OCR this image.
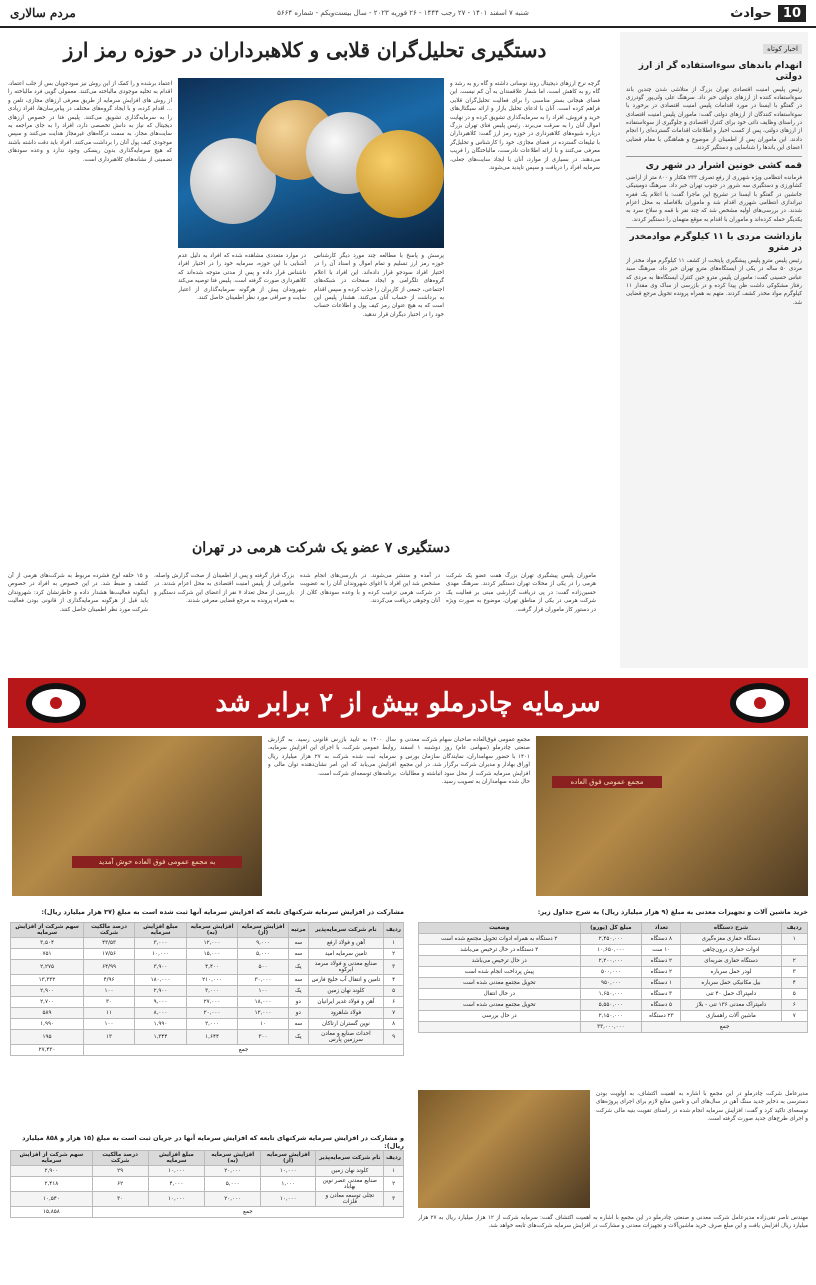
10
حوادث
شنبه ۷ اسفند ۱۴۰۱ - ۲۷ رجب ۱۴۴۴ - ۲۶ فوریه ۲۰۲۳ - سال بیست‌ویکم - شماره ۵۶۶۴
مردم سالاری
اخبار کوتاه
انهدام باندهای سوءاستفاده گر از ارز دولتی
رئیس پلیس امنیت اقتصادی تهران بزرگ از متلاشی شدن چندین باند سوءاستفاده کننده از ارزهای دولتی خبر داد. سرهنگ علی ولی‌پور گودرزی در گفتگو با ایسنا در مورد اقدامات پلیس امنیت اقتصادی در برخورد با سوءاستفاده کنندگان از ارزهای دولتی گفت: ماموران پلیس امنیت اقتصادی در راستای وظایف ذاتی خود برای کنترل اقتصادی و جلوگیری از سوءاستفاده از ارزهای دولتی، پس از کسب اخبار و اطلاعات اقدامات گسترده‌ای را انجام دادند. این ماموران پس از اطمینان از موضوع و هماهنگی با مقام قضایی اعضای این باندها را شناسایی و دستگیر کردند.
قمه کشی خونین اشرار در شهر ری
فرمانده انتظامی ویژه شهرری از رفع تصرف ۲۳۳ هکتار و ۸۰۰ متر از اراضی کشاورزی و دستگیری سه شرور در جنوب تهران خبر داد. سرهنگ دومینیکی جانشین در گفتگو با ایسنا در تشریح این ماجرا گفت: با اعلام یک فقره تیراندازی انتظامی شهرری اقدام شد و ماموران بلافاصله به محل اعزام شدند. در بررسی‌های اولیه مشخص شد که چند نفر با قمه و سلاح سرد به یکدیگر حمله کرده‌اند و ماموران با اقدام به موقع متهمان را دستگیر کردند.
بازداشت مردی با ۱۱ کیلوگرم موادمخدر در مترو
رئیس پلیس مترو پلیس پیشگیری پایتخت از کشف ۱۱ کیلوگرم مواد مخدر از مردی ۵۰ ساله در یکی از ایستگاه‌های مترو تهران خبر داد. سرهنگ سید عباس حسینی گفت: ماموران پلیس مترو حین کنترل ایستگاه‌ها به مردی که رفتار مشکوکی داشت ظن پیدا کرده و در بازرسی از ساک وی مقدار ۱۱ کیلوگرم مواد مخدر کشف کردند. متهم به همراه پرونده تحویل مرجع قضایی شد.
دستگیری تحلیل‌گران قلابی و کلاهبرداران در حوزه رمز ارز
اعتماد برشده و را کمک از این روش نیز سودجویان بس از جلب اعتماد، اقدام به تخلیه موجودی مالباخته می‌کنند. معمولی گویی فرد مالباخته را از روش های افزایش سرمایه از طریق معرفی ارزهای مجازی، تلفن و ... اقدام کرده، و با ایجاد گروه‌های مختلف در پیام‌رسان‌ها، افراد زیادی را به سرمایه‌گذاری تشویق می‌کنند. پلیس فتا در خصوص ارزهای دیجیتال که نیاز به دانش تخصصی دارد، افراد را به جای مراجعه به سایت‌های مجاز، به سمت درگاه‌های غیرمجاز هدایت می‌کنند و سپس موجودی کیف پول آنان را برداشت می‌کنند. افراد باید دقت داشته باشند که هیچ سرمایه‌گذاری بدون ریسکی وجود ندارد و وعده سودهای تضمینی از نشانه‌های کلاهبرداری است.
گرچه نرخ ارزهای دیجیتال روند نوسانی داشته و گاه رو به رشد و گاه رو به کاهش است، اما شمار علاقمندان به آن کم نیست. این فضای هیجانی بستر مناسبی را برای فعالیت تحلیل‌گران قلابی فراهم کرده است. آنان با ادعای تحلیل بازار و ارائه سیگنال‌های خرید و فروش، افراد را به سرمایه‌گذاری تشویق کرده و در نهایت اموال آنان را به سرقت می‌برند. رئیس پلیس فتای تهران بزرگ درباره شیوه‌های کلاهبرداری در حوزه رمز ارز گفت: کلاهبرداران با تبلیغات گسترده در فضای مجازی، خود را کارشناس و تحلیل‌گر معرفی می‌کنند و با ارائه اطلاعات نادرست، مالباختگان را فریب می‌دهند. در بسیاری از موارد، آنان با ایجاد سایت‌های جعلی، سرمایه افراد را دریافت و سپس ناپدید می‌شوند.
در موارد متعددی مشاهده شده که افراد به دلیل عدم آشنایی با این حوزه، سرمایه خود را در اختیار افراد ناشناس قرار داده و پس از مدتی متوجه شده‌اند که کلاهبرداری صورت گرفته است. پلیس فتا توصیه می‌کند شهروندان پیش از هرگونه سرمایه‌گذاری از اعتبار سایت و صرافی مورد نظر اطمینان حاصل کنند.
پرسش و پاسخ با مطالعه چند مورد دیگر کارشناس حوزه رمز ارز تسلیم و تمام اموال و اسناد آن را در اختیار افراد سودجو قرار داده‌اند. این افراد با اعلام گروه‌های تلگرامی و ایجاد صفحات در شبکه‌های اجتماعی، جمعی از کاربران را جذب کرده و سپس اقدام به برداشت از حساب آنان می‌کنند. هشدار پلیس این است که به هیچ عنوان رمز کیف پول و اطلاعات حساب خود را در اختیار دیگران قرار ندهید.
دستگیری ۷ عضو یک شرکت هرمی در تهران
و ۱۵ حلقه لوح فشرده مربوط به شرکت‌های هرمی از آن کشف و ضبط شد. در این خصوص به افراد در خصوص اینگونه فعالیت‌ها هشدار داده و خاطرنشان کرد: شهروندان باید قبل از هرگونه سرمایه‌گذاری از قانونی بودن فعالیت شرکت مورد نظر اطمینان حاصل کنند.
بزرگ قرار گرفته و پس از اطمینان از صحت گزارش واصله، مامورانی از پلیس امنیت اقتصادی به محل اعزام شدند. در بازرسی از محل تعداد ۷ نفر از اعضای این شرکت دستگیر و به همراه پرونده به مرجع قضایی معرفی شدند.
در آمده و منتشر می‌شوند. در بازرسی‌های انجام شده مشخص شد این افراد با اغوای شهروندان آنان را به عضویت در شرکت هرمی ترغیب کرده و با وعده سودهای کلان از آنان وجوهی دریافت می‌کردند.
ماموران پلیس پیشگیری تهران بزرگ هفت عضو یک شرکت هرمی را در یکی از محلات تهران دستگیر کردند. سرهنگ مهدی حسین‌زاده گفت: در پی دریافت گزارشی مبنی بر فعالیت یک شرکت هرمی در یکی از مناطق تهران، موضوع به صورت ویژه در دستور کار ماموران قرار گرفت.
سرمایه چادرملو بیش از ۲ برابر شد
مجمع عمومی فوق العاده
مجمع عمومی فوق‌العاده صاحبان سهام شرکت معدنی و صنعتی چادرملو (سهامی عام) روز دوشنبه ۱ اسفند ۱۴۰۱ با حضور سهامداران، نمایندگان سازمان بورس و اوراق بهادار و مدیران شرکت برگزار شد. در این مجمع افزایش سرمایه شرکت از محل سود انباشته و مطالبات حال شده سهامداران به تصویب رسید.
سال ۱۴۰۰ به تایید بازرس قانونی رسید. به گزارش روابط عمومی شرکت، با اجرای این افزایش سرمایه، سرمایه ثبت شده شرکت به ۲۷ هزار میلیارد ریال افزایش می‌یابد که این امر نشان‌دهنده توان مالی و برنامه‌های توسعه‌ای شرکت است.
به مجمع عمومی فوق العاده خوش آمدید
خرید ماشین آلات و تجهیزات معدنی به مبلغ (۹ هزار میلیارد ریال) به شرح جداول زیر:
ردیف	شرح دستگاه	تعداد	مبلغ کل (یورو)	وضعیت
۱	دستگاه حفاری مغزه‌گیری	۸ دستگاه	۲,۴۵۰,۰۰۰	۲ دستگاه به همراه ادوات تحویل مجتمع شده است
	ادوات حفاری درون‌چاهی	۱۰ ست	۱۰,۶۵۰,۰۰۰	۳ دستگاه در حال ترخیص می‌باشد
۲	دستگاه حفاری ضربه‌ای	۲ دستگاه	۲,۲۰۰,۰۰۰	در حال ترخیص می‌باشد
۳	لودر حمل سرباره	۲ دستگاه	۵۰۰,۰۰۰	پیش پرداخت انجام شده است
۴	بیل مکانیکی حمل سرباره	۱ دستگاه	۹۵۰,۰۰۰	تحویل مجتمع معدنی شده است
۵	دامپتراک حمل ۴۰ تنی	۳ دستگاه	۱,۶۵۰,۰۰۰	در حال انتقال
۶	دامپتراک معدنی ۱۳۶ تنی - بلاز	۵ دستگاه	۵,۵۵۰,۰۰۰	تحویل مجتمع معدنی شده است
۷	ماشین آلات راهسازی	۲۳ دستگاه	۲,۱۵۰,۰۰۰	در حال بررسی
جمع			۳۳,۰۰۰,۰۰۰	
مشارکت در افزایش سرمایه شرکتهای تابعه که افزایش سرمایه آنها ثبت شده است به مبلغ (۳۷ هزار میلیارد ریال):
ردیف	نام شرکت سرمایه‌پذیر	مرتبه	افزایش سرمایه (از)	افزایش سرمایه (به)	مبلغ افزایش سرمایه	درصد مالکیت شرکت	سهم شرکت از افزایش سرمایه
۱	آهن و فولاد ارفع	سه	۹,۰۰۰	۱۲,۰۰۰	۳,۰۰۰	۴۳/۵۳	۳,۵۰۴
۲	تامین سرمایه امید	سه	۵,۰۰۰	۱۵,۰۰۰	۱۰,۰۰۰	۱۷/۵۶	۷۵۱
۳	صنایع معدنی و فولاد سرمد ابرکوه	یک	۵۰۰	۴,۴۰۰	۳,۹۰۰	۶۴/۹۹	۲,۲۷۵
۴	تامین و انتقال آب خلیج فارس	سه	۳۰,۰۰۰	۲۱۰,۰۰۰	۱۸۰,۰۰۰	۴/۹۶	۱۳,۳۳۲
۵	کلوند نهان زمین	یک	۱۰۰	۳,۰۰۰	۲,۹۰۰	۱۰۰	۲,۹۰۰
۶	آهن و فولاد غدیر ایرانیان	دو	۱۸,۰۰۰	۲۷,۰۰۰	۹,۰۰۰	۳۰	۲,۷۰۰
۷	فولاد شاهرود	دو	۱۲,۰۰۰	۲۰,۰۰۰	۸,۰۰۰	۱۱	۵۸۹
۸	نوین گستران ارتاکان	سه	۱۰	۲,۰۰۰	۱,۹۹۰	۱۰۰	۱,۹۹۰
۹	احداث صنایع و معادن سرزمین پارس	یک	۳۰۰	۱,۶۴۴	۱,۳۴۴	۱۳	۱۹۵
جمع							۲۷,۴۳۰
و مشارکت در افزایش سرمایه شرکتهای تابعه که افزایش سرمایه آنها در جریان ثبت است به مبلغ (۱۵ هزار و ۸۵۸ میلیارد ریال):
ردیف	نام شرکت سرمایه‌پذیر	افزایش سرمایه (از)	افزایش سرمایه (به)	مبلغ افزایش سرمایه	درصد مالکیت شرکت	سهم شرکت از افزایش سرمایه
۱	کلوند نهان زمین	۱۰,۰۰۰	۲۰,۰۰۰	۱۰,۰۰۰	۲۹	۲,۹۰۰
۲	صنایع معدنی عصر نوین بهاباد	۱,۰۰۰	۵,۰۰۰	۴,۰۰۰	۶۲	۲,۴۱۸
۳	تجلی توسعه معادن و فلزات	۱۰,۰۰۰	۲۰,۰۰۰	۱۰,۰۰۰	۳۰	۱۰,۵۴۰
جمع						۱۵,۸۵۸
مدیرعامل شرکت چادرملو در این مجمع با اشاره به اهمیت اکتشاف، به اولویت بودن دسترسی به ذخایر جدید سنگ آهن در سال‌های آتی و تامین منابع لازم برای اجرای پروژه‌های توسعه‌ای تاکید کرد و گفت: افزایش سرمایه انجام شده در راستای تقویت بنیه مالی شرکت و اجرای طرح‌های جدید صورت گرفته است.
مهندس ناصر تقی‌زاده مدیرعامل شرکت معدنی و صنعتی چادرملو در این مجمع با اشاره به اهمیت اکتشاف گفت: سرمایه شرکت از ۱۲ هزار میلیارد ریال به ۲۷ هزار میلیارد ریال افزایش یافت و این مبلغ صرف خرید ماشین‌آلات و تجهیزات معدنی و مشارکت در افزایش سرمایه شرکت‌های تابعه خواهد شد.
